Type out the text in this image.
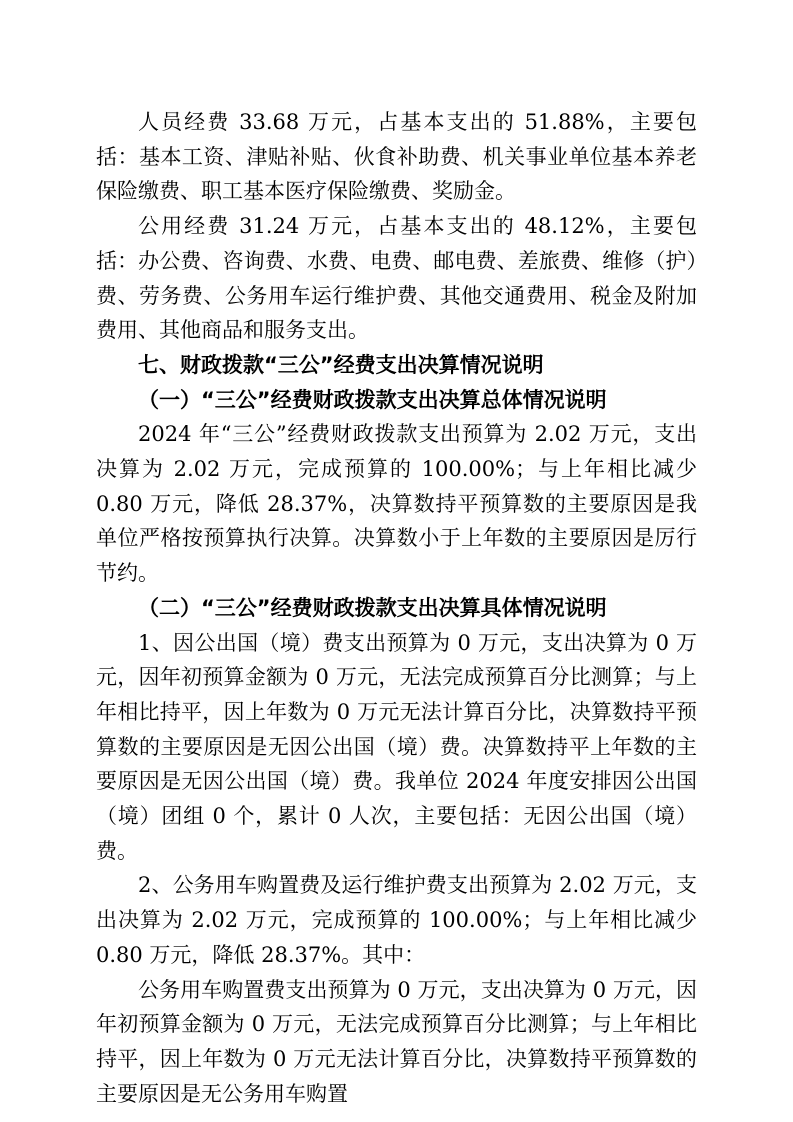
人员经费 33.68 万元，占基本支出的 51.88%，主要包括：基本工资、津贴补贴、伙食补助费、机关事业单位基本养老保险缴费、职工基本医疗保险缴费、奖励金。

公用经费 31.24 万元，占基本支出的 48.12%，主要包括：办公费、咨询费、水费、电费、邮电费、差旅费、维修（护）费、劳务费、公务用车运行维护费、其他交通费用、税金及附加费用、其他商品和服务支出。

七、财政拨款“三公”经费支出决算情况说明
（一）“三公”经费财政拨款支出决算总体情况说明

2024 年“三公”经费财政拨款支出预算为 2.02 万元，支出决算为 2.02 万元，完成预算的 100.00%；与上年相比减少 0.80 万元，降低 28.37%，决算数持平预算数的主要原因是我单位严格按预算执行决算。决算数小于上年数的主要原因是厉行节约。

（二）“三公”经费财政拨款支出决算具体情况说明

1、因公出国（境）费支出预算为 0 万元，支出决算为 0 万元，因年初预算金额为 0 万元，无法完成预算百分比测算；与上年相比持平，因上年数为 0 万元无法计算百分比，决算数持平预算数的主要原因是无因公出国（境）费。决算数持平上年数的主要原因是无因公出国（境）费。我单位 2024 年度安排因公出国（境）团组 0 个，累计 0 人次，主要包括：无因公出国（境）费。

2、公务用车购置费及运行维护费支出预算为 2.02 万元，支出决算为 2.02 万元，完成预算的 100.00%；与上年相比减少 0.80 万元，降低 28.37%。其中：

公务用车购置费支出预算为 0 万元，支出决算为 0 万元，因年初预算金额为 0 万元，无法完成预算百分比测算；与上年相比持平，因上年数为 0 万元无法计算百分比，决算数持平预算数的主要原因是无公务用车购置
